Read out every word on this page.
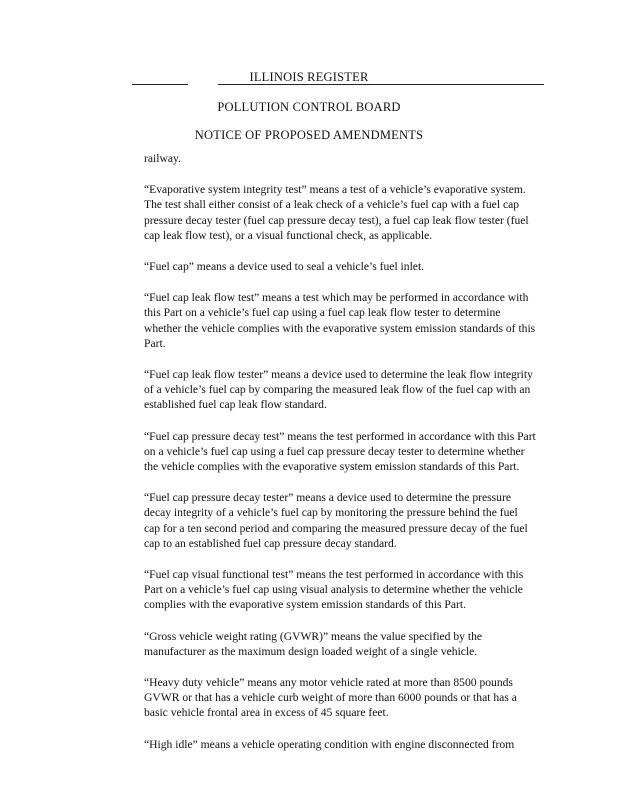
ILLINOIS REGISTER
POLLUTION CONTROL BOARD
NOTICE OF PROPOSED AMENDMENTS

railway.

“Evaporative system integrity test” means a test of a vehicle’s evaporative system. The test shall either consist of a leak check of a vehicle’s fuel cap with a fuel cap pressure decay tester (fuel cap pressure decay test), a fuel cap leak flow tester (fuel cap leak flow test), or a visual functional check, as applicable.

“Fuel cap” means a device used to seal a vehicle’s fuel inlet.

“Fuel cap leak flow test” means a test which may be performed in accordance with this Part on a vehicle’s fuel cap using a fuel cap leak flow tester to determine whether the vehicle complies with the evaporative system emission standards of this Part.

“Fuel cap leak flow tester” means a device used to determine the leak flow integrity of a vehicle’s fuel cap by comparing the measured leak flow of the fuel cap with an established fuel cap leak flow standard.

“Fuel cap pressure decay test” means the test performed in accordance with this Part on a vehicle’s fuel cap using a fuel cap pressure decay tester to determine whether the vehicle complies with the evaporative system emission standards of this Part.

“Fuel cap pressure decay tester” means a device used to determine the pressure decay integrity of a vehicle’s fuel cap by monitoring the pressure behind the fuel cap for a ten second period and comparing the measured pressure decay of the fuel cap to an established fuel cap pressure decay standard.

“Fuel cap visual functional test” means the test performed in accordance with this Part on a vehicle’s fuel cap using visual analysis to determine whether the vehicle complies with the evaporative system emission standards of this Part.

“Gross vehicle weight rating (GVWR)” means the value specified by the manufacturer as the maximum design loaded weight of a single vehicle.

“Heavy duty vehicle” means any motor vehicle rated at more than 8500 pounds GVWR or that has a vehicle curb weight of more than 6000 pounds or that has a basic vehicle frontal area in excess of 45 square feet.

“High idle” means a vehicle operating condition with engine disconnected from
